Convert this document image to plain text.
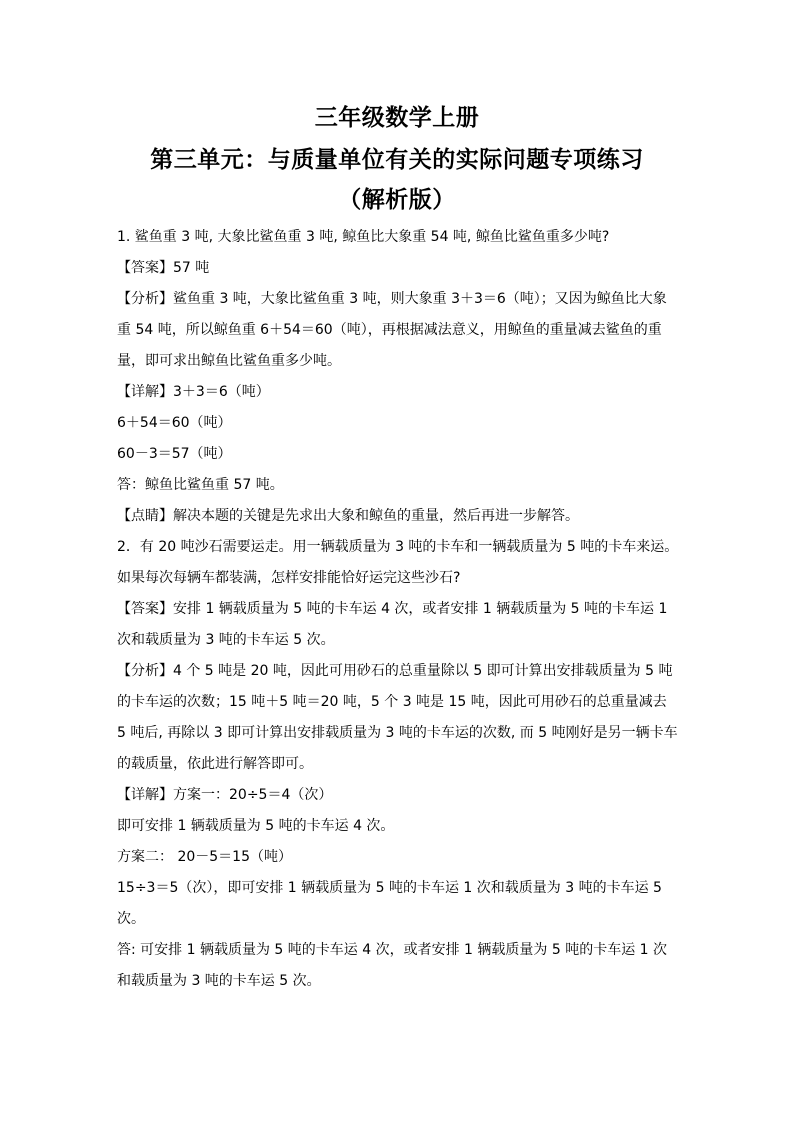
三年级数学上册
第三单元：与质量单位有关的实际问题专项练习
（解析版）

1. 鲨鱼重 3 吨, 大象比鲨鱼重 3 吨, 鲸鱼比大象重 54 吨, 鲸鱼比鲨鱼重多少吨?

【答案】57 吨

【分析】鲨鱼重 3 吨，大象比鲨鱼重 3 吨，则大象重 3＋3＝6（吨）；又因为鲸鱼比大象重 54 吨，所以鲸鱼重 6＋54＝60（吨），再根据减法意义，用鲸鱼的重量减去鲨鱼的重量，即可求出鲸鱼比鲨鱼重多少吨。

【详解】3＋3＝6（吨）

6＋54＝60（吨）

60－3＝57（吨）

答：鲸鱼比鲨鱼重 57 吨。

【点睛】解决本题的关键是先求出大象和鲸鱼的重量，然后再进一步解答。

2．有 20 吨沙石需要运走。用一辆载质量为 3 吨的卡车和一辆载质量为 5 吨的卡车来运。如果每次每辆车都装满，怎样安排能恰好运完这些沙石?

【答案】安排 1 辆载质量为 5 吨的卡车运 4 次，或者安排 1 辆载质量为 5 吨的卡车运 1 次和载质量为 3 吨的卡车运 5 次。

【分析】4 个 5 吨是 20 吨，因此可用砂石的总重量除以 5 即可计算出安排载质量为 5 吨的卡车运的次数；15 吨＋5 吨＝20 吨，5 个 3 吨是 15 吨，因此可用砂石的总重量减去 5 吨后, 再除以 3 即可计算出安排载质量为 3 吨的卡车运的次数, 而 5 吨刚好是另一辆卡车的载质量，依此进行解答即可。

【详解】方案一：20÷5＝4（次）

即可安排 1 辆载质量为 5 吨的卡车运 4 次。

方案二： 20－5＝15（吨）

15÷3＝5（次），即可安排 1 辆载质量为 5 吨的卡车运 1 次和载质量为 3 吨的卡车运 5 次。

答: 可安排 1 辆载质量为 5 吨的卡车运 4 次，或者安排 1 辆载质量为 5 吨的卡车运 1 次和载质量为 3 吨的卡车运 5 次。
